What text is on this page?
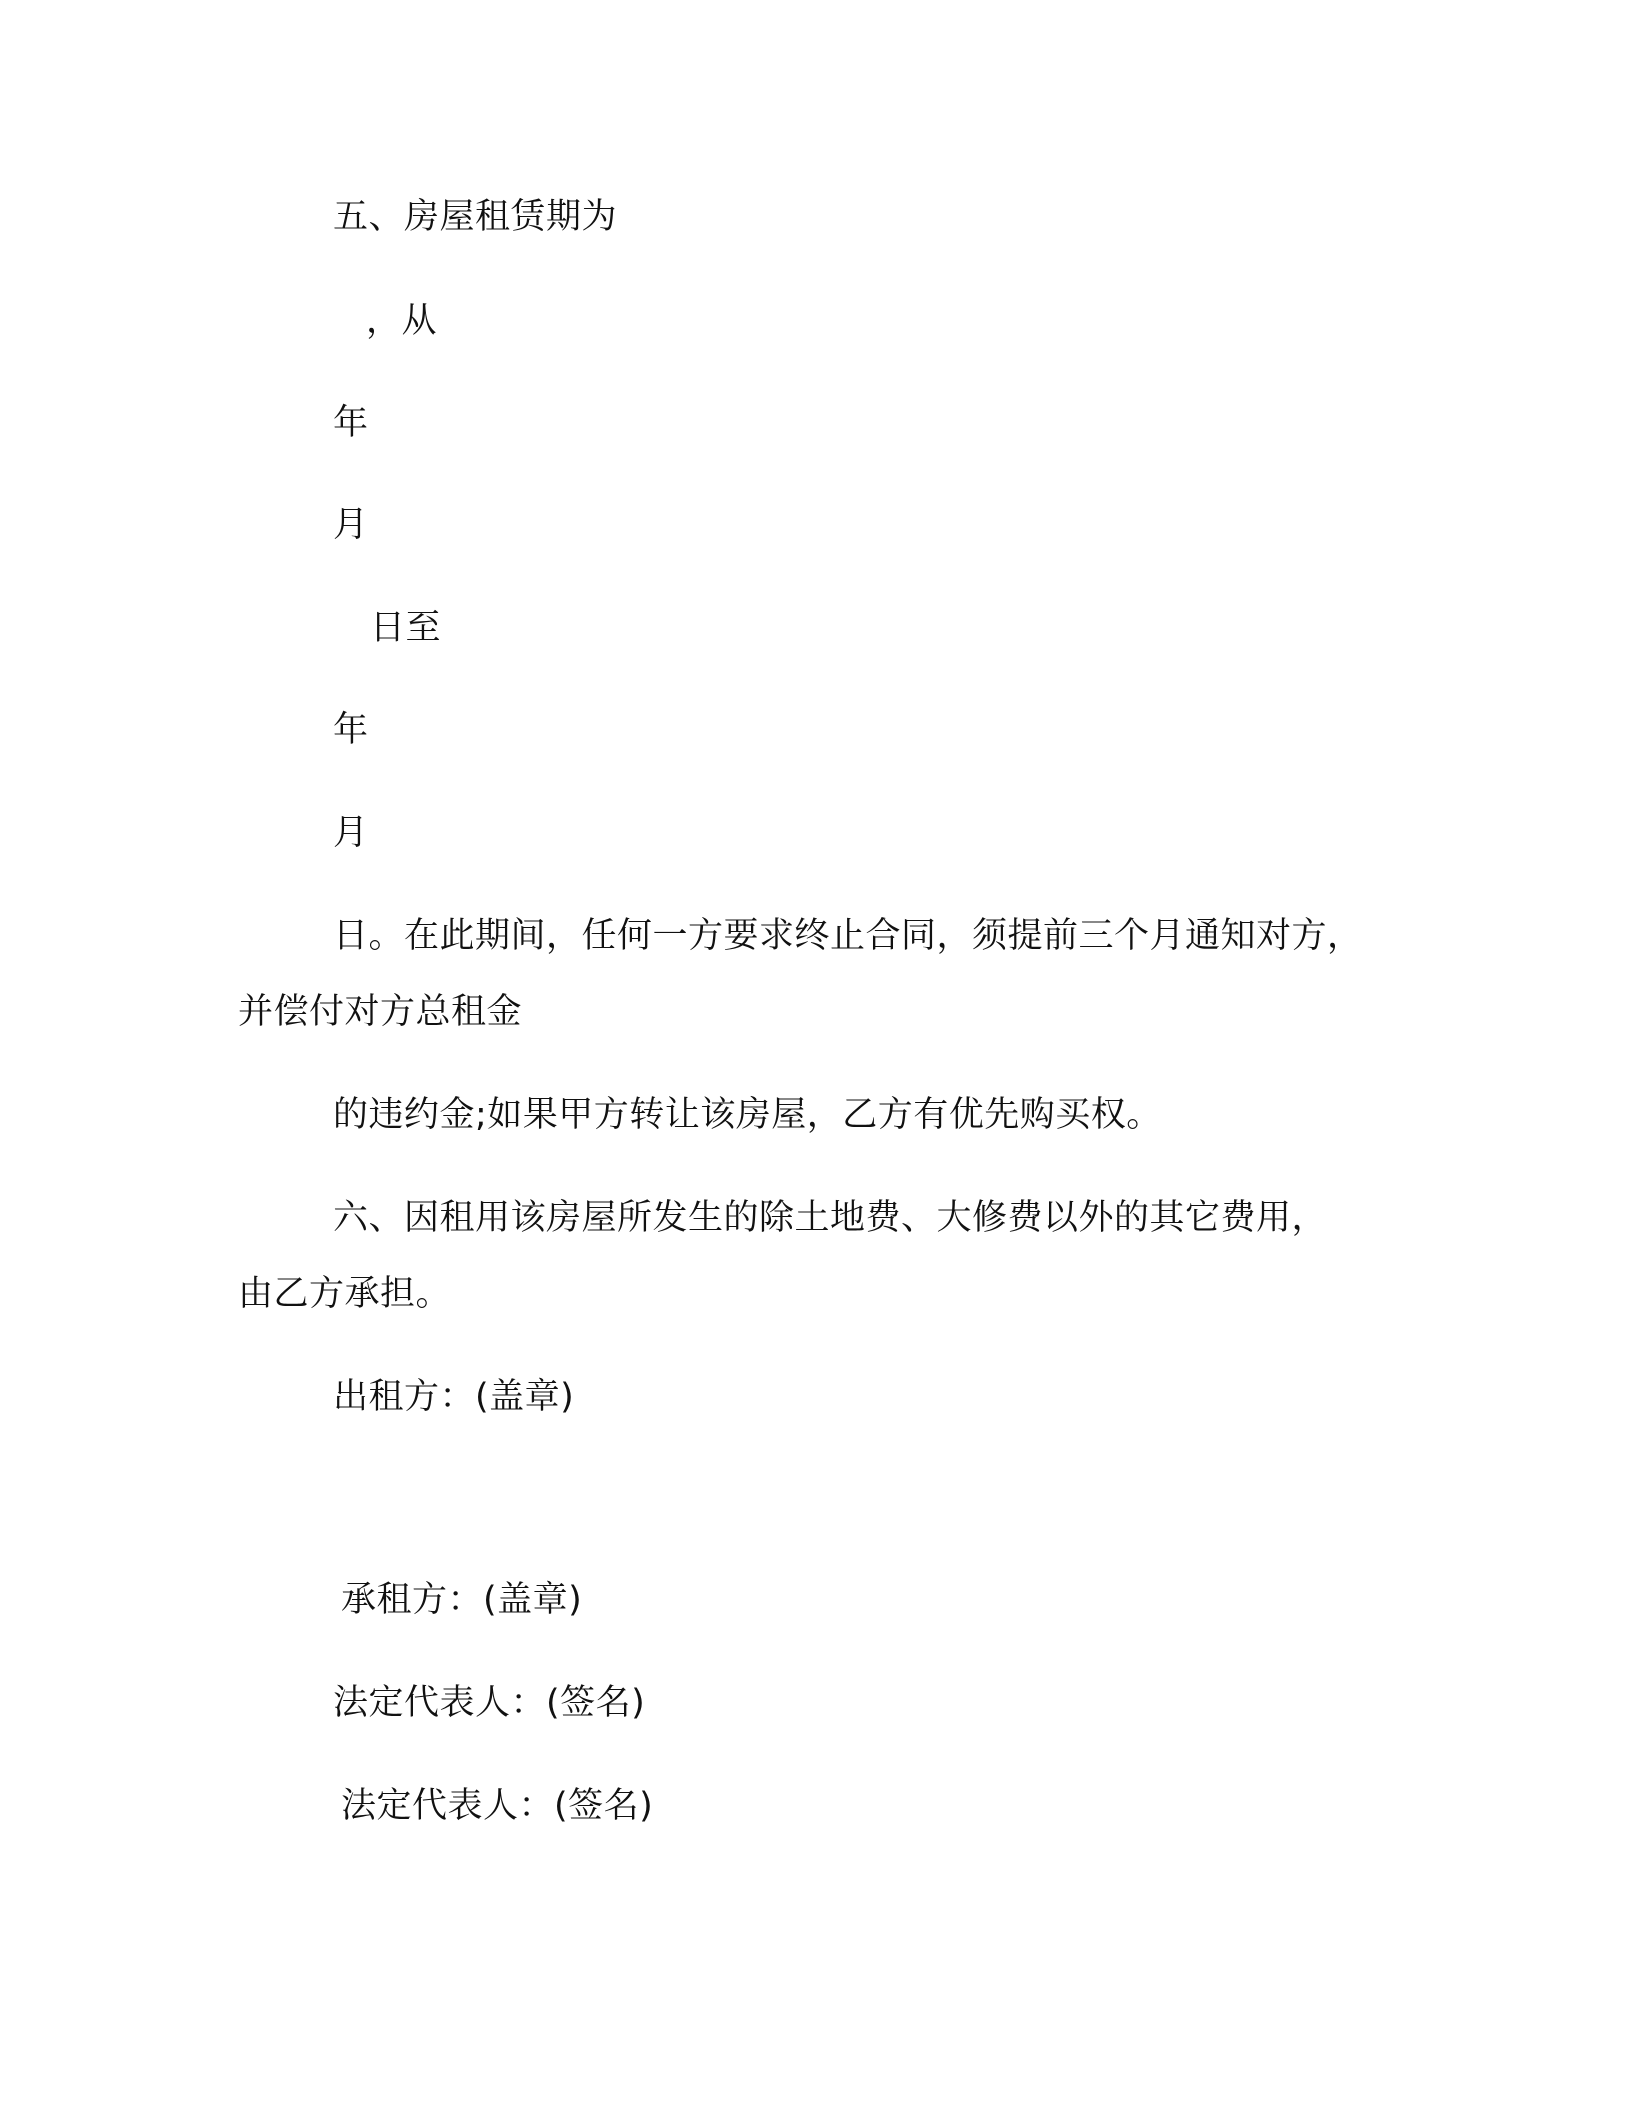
五、房屋租赁期为
，从
年
月
日至
年
月
日。在此期间，任何一方要求终止合同，须提前三个月通知对方，
并偿付对方总租金
的违约金;如果甲方转让该房屋，乙方有优先购买权。
六、因租用该房屋所发生的除土地费、大修费以外的其它费用，
由乙方承担。
出租方：(盖章)
承租方：(盖章)
法定代表人：(签名)
法定代表人：(签名)
